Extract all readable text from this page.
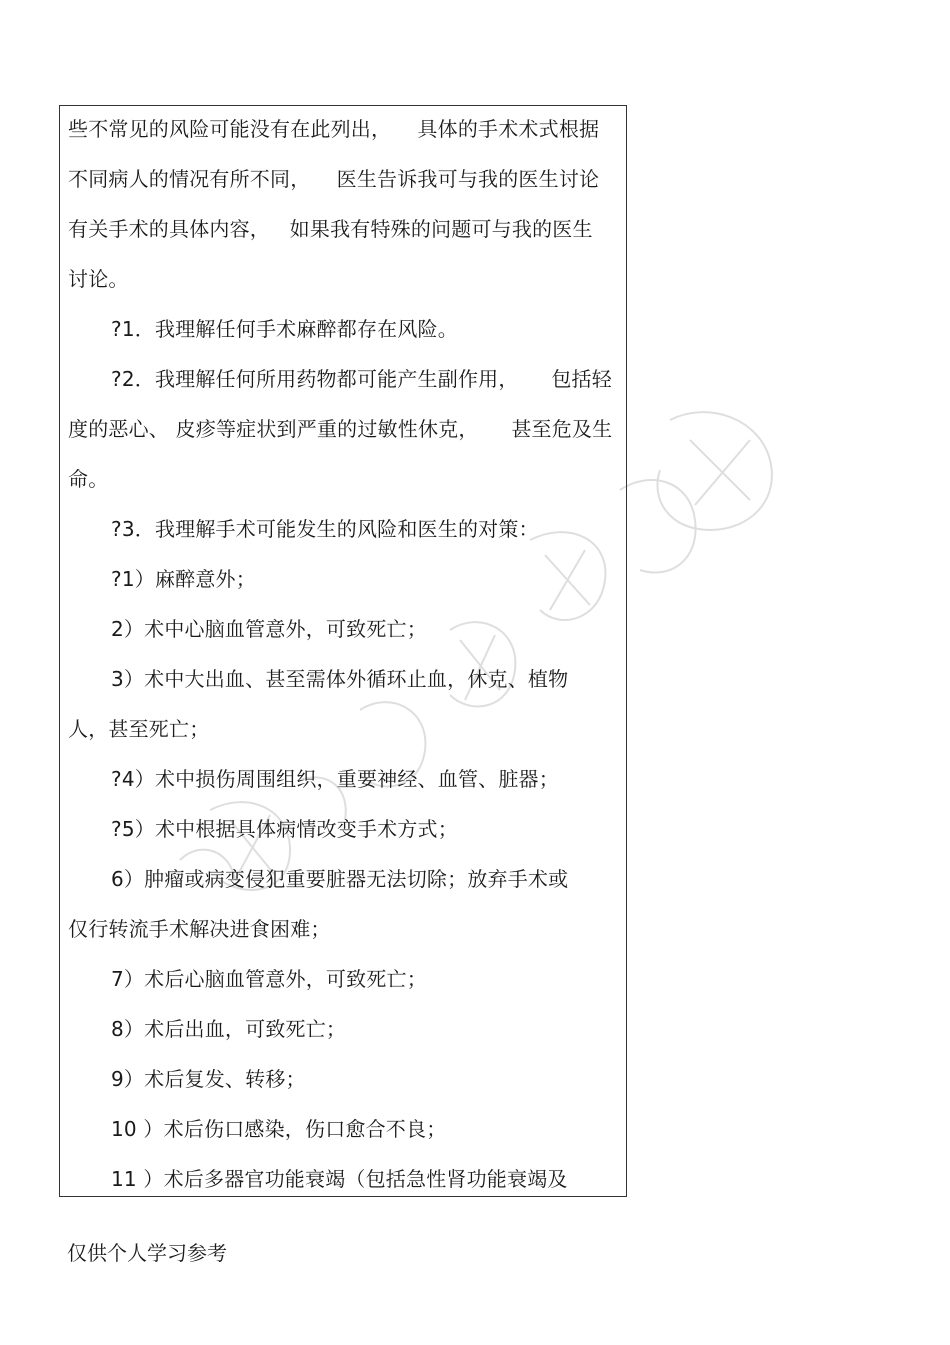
些不常见的风险可能没有在此列出，    具体的手术术式根据
不同病人的情况有所不同，    医生告诉我可与我的医生讨论
有关手术的具体内容，   如果我有特殊的问题可与我的医生
讨论。
?1．我理解任何手术麻醉都存在风险。
?2．我理解任何所用药物都可能产生副作用，     包括轻
度的恶心、 皮疹等症状到严重的过敏性休克，     甚至危及生
命。
?3．我理解手术可能发生的风险和医生的对策：
?1）麻醉意外；
2）术中心脑血管意外，可致死亡；
3）术中大出血、甚至需体外循环止血，休克、植物
人，甚至死亡；
?4）术中损伤周围组织，重要神经、血管、脏器；
?5）术中根据具体病情改变手术方式；
6）肿瘤或病变侵犯重要脏器无法切除；放弃手术或
仅行转流手术解决进食困难；
7）术后心脑血管意外，可致死亡；
8）术后出血，可致死亡；
9）术后复发、转移；
10 ）术后伤口感染，伤口愈合不良；
11 ）术后多器官功能衰竭（包括急性肾功能衰竭及
仅供个人学习参考
